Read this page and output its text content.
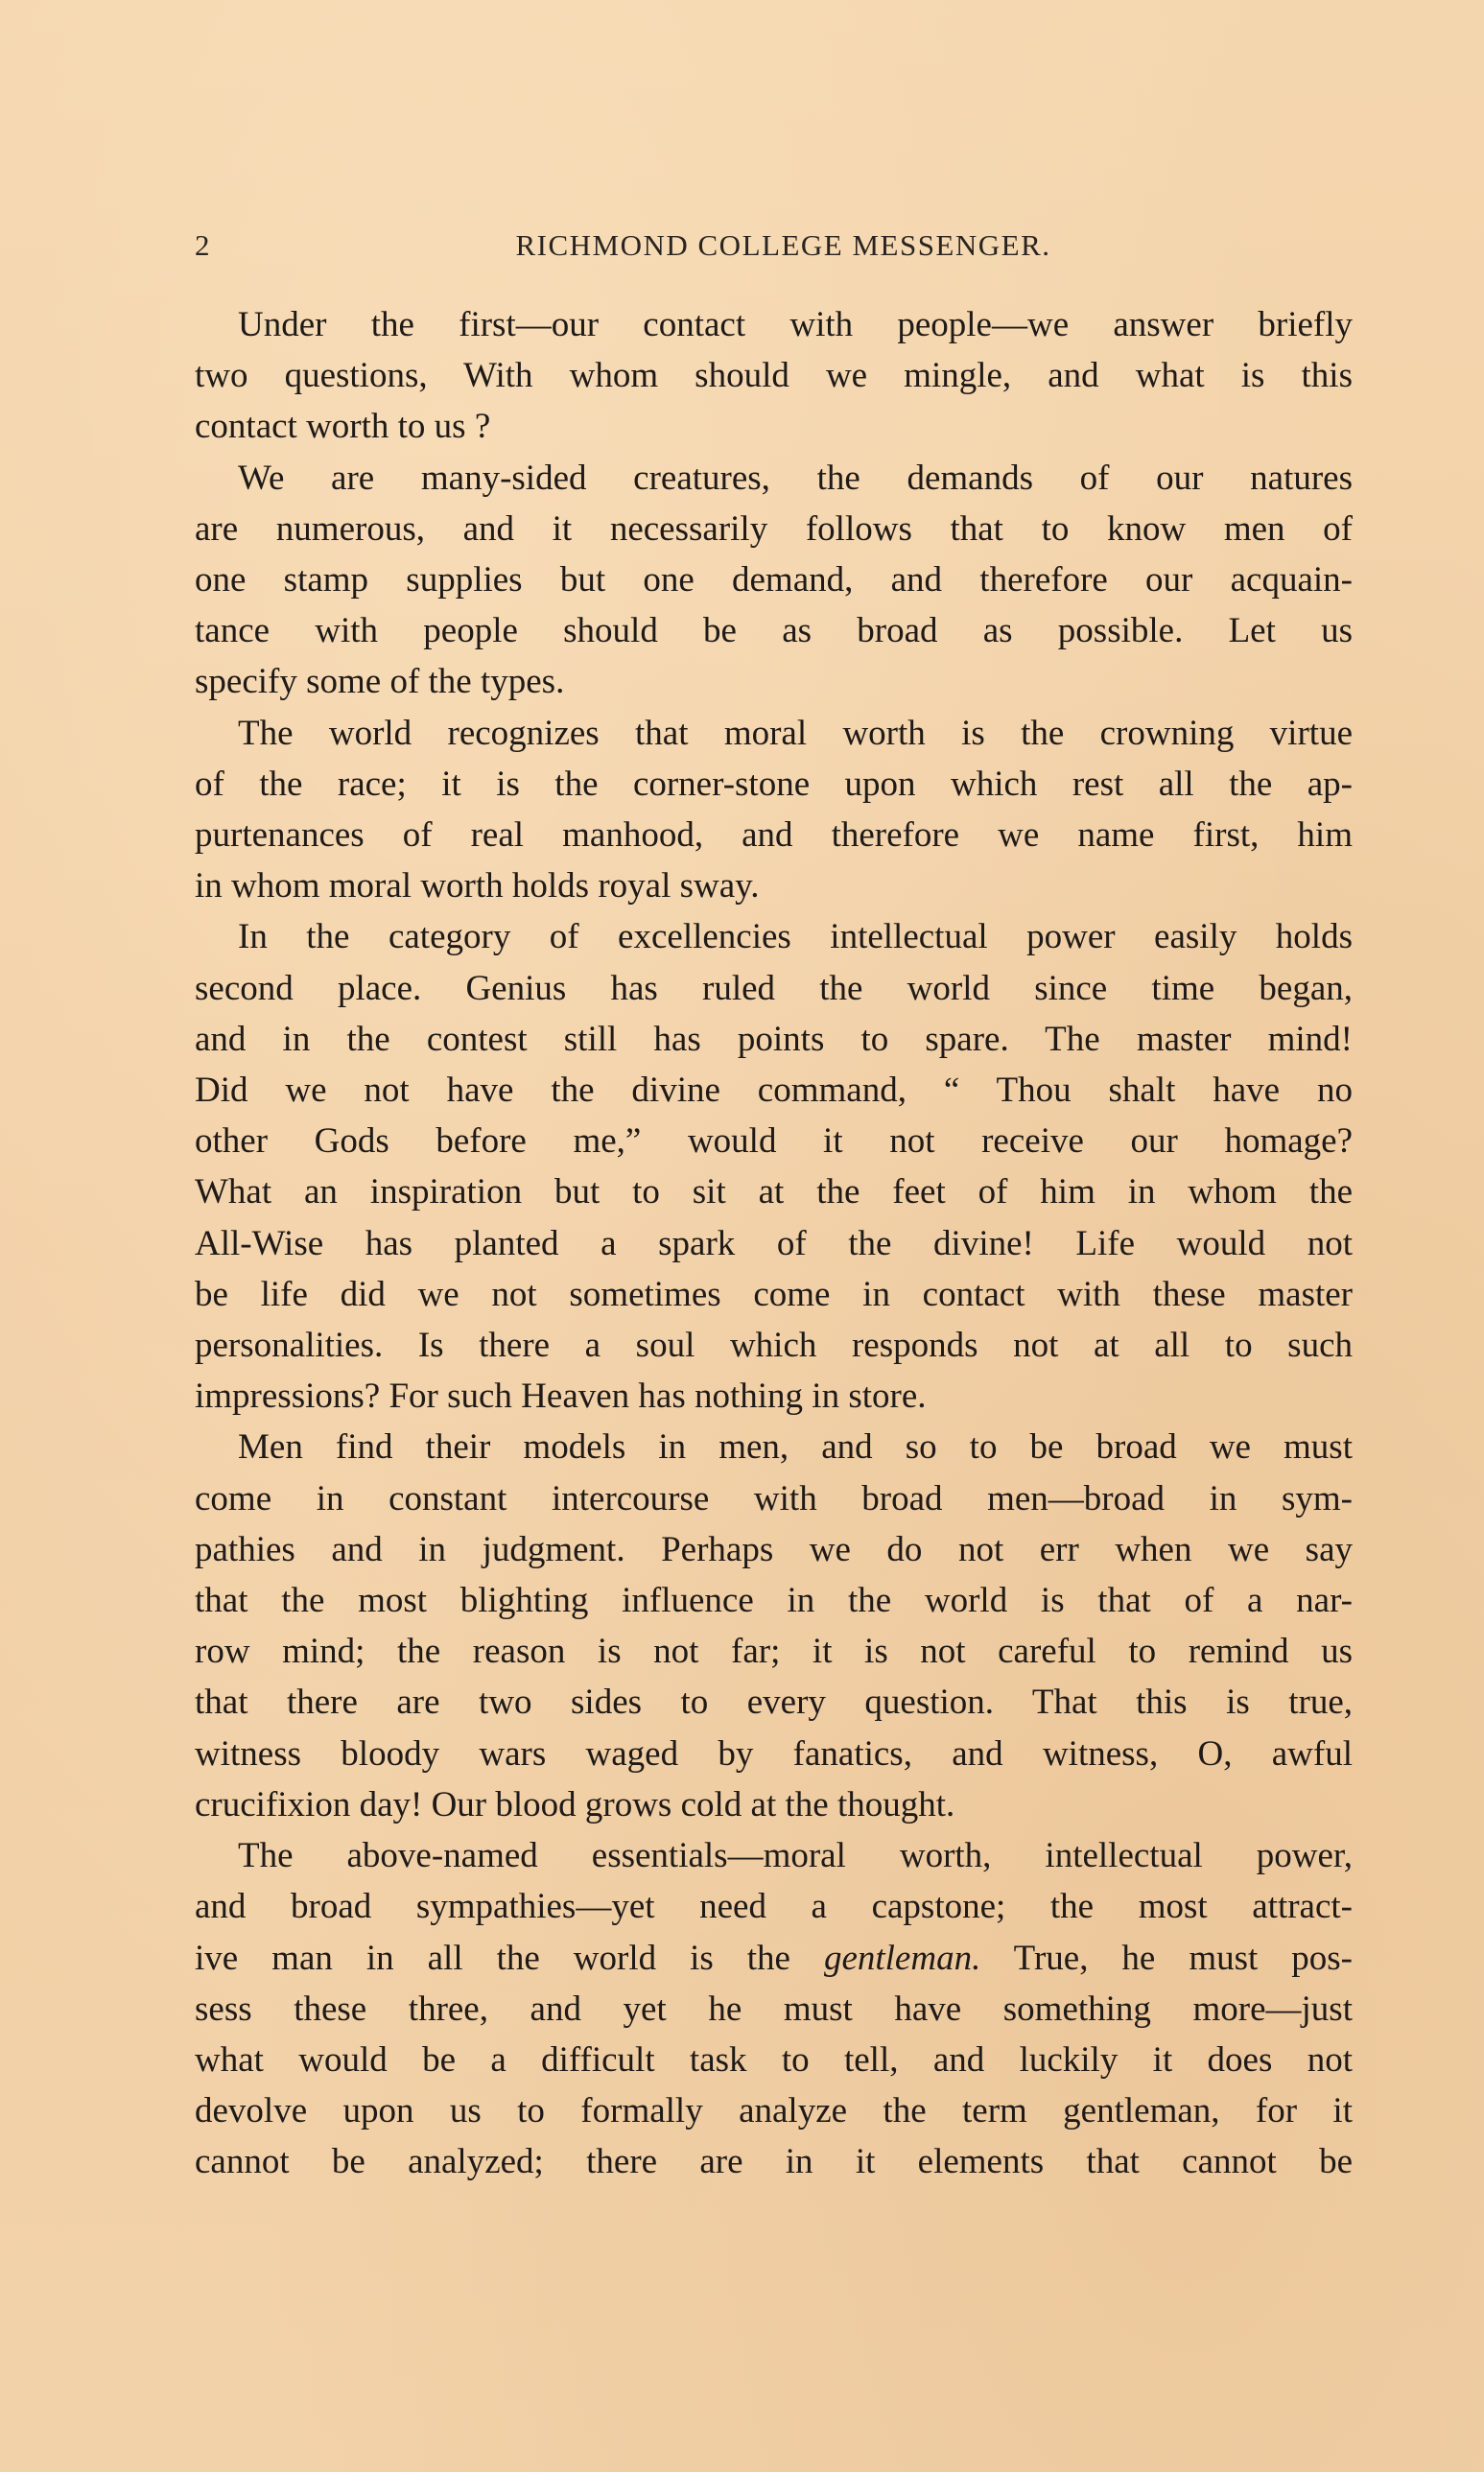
2	RICHMOND COLLEGE MESSENGER.

Under the first—our contact with people—we answer briefly
two questions, With whom should we mingle, and what is this
contact worth to us ?

We are many-sided creatures, the demands of our natures
are numerous, and it necessarily follows that to know men of
one stamp supplies but one demand, and therefore our acquain-
tance with people should be as broad as possible. Let us
specify some of the types.

The world recognizes that moral worth is the crowning virtue
of the race; it is the corner-stone upon which rest all the ap-
purtenances of real manhood, and therefore we name first, him
in whom moral worth holds royal sway.

In the category of excellencies intellectual power easily holds
second place. Genius has ruled the world since time began,
and in the contest still has points to spare. The master mind!
Did we not have the divine command, “ Thou shalt have no
other Gods before me,” would it not receive our homage?
What an inspiration but to sit at the feet of him in whom the
All-Wise has planted a spark of the divine! Life would not
be life did we not sometimes come in contact with these master
personalities. Is there a soul which responds not at all to such
impressions? For such Heaven has nothing in store.

Men find their models in men, and so to be broad we must
come in constant intercourse with broad men—broad in sym-
pathies and in judgment. Perhaps we do not err when we say
that the most blighting influence in the world is that of a nar-
row mind; the reason is not far; it is not careful to remind us
that there are two sides to every question. That this is true,
witness bloody wars waged by fanatics, and witness, O, awful
crucifixion day! Our blood grows cold at the thought.

The above-named essentials—moral worth, intellectual power,
and broad sympathies—yet need a capstone; the most attract-
ive man in all the world is the gentleman. True, he must pos-
sess these three, and yet he must have something more—just
what would be a difficult task to tell, and luckily it does not
devolve upon us to formally analyze the term gentleman, for it
cannot be analyzed; there are in it elements that cannot be
